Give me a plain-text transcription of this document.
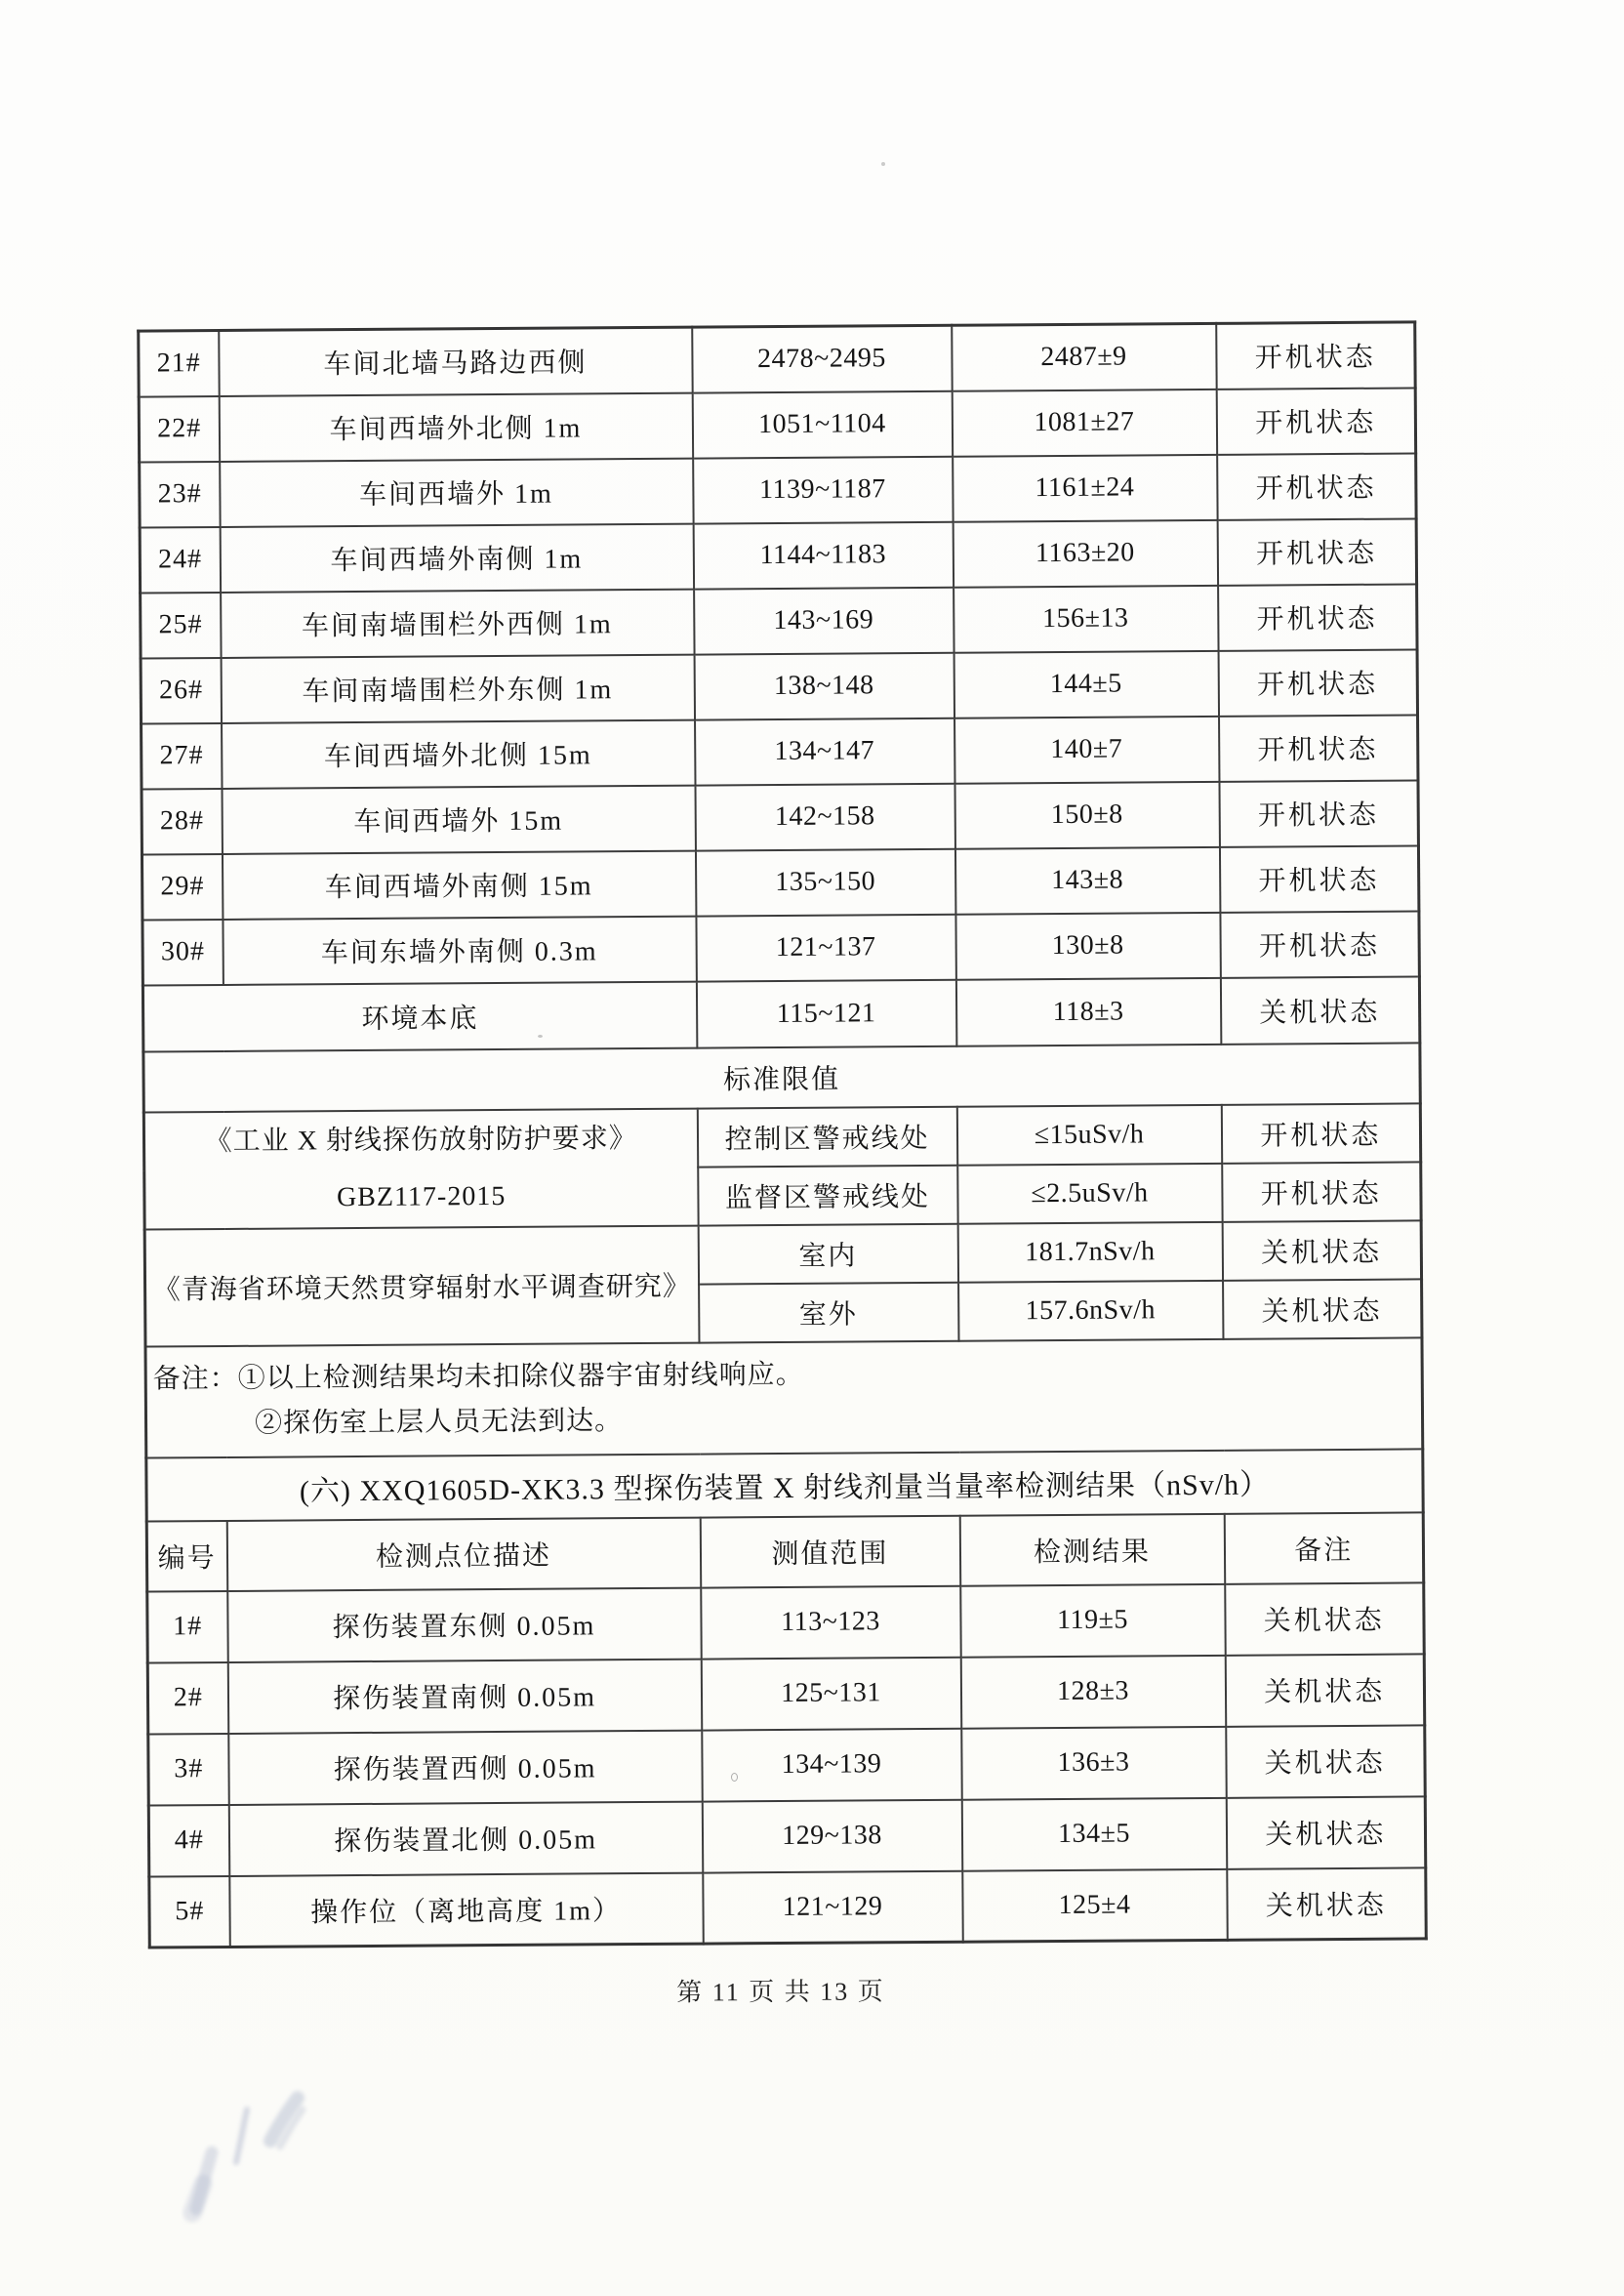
21#	车间北墙马路边西侧	2478~2495	2487±9	开机状态
22#	车间西墙外北侧 1m	1051~1104	1081±27	开机状态
23#	车间西墙外 1m	1139~1187	1161±24	开机状态
24#	车间西墙外南侧 1m	1144~1183	1163±20	开机状态
25#	车间南墙围栏外西侧 1m	143~169	156±13	开机状态
26#	车间南墙围栏外东侧 1m	138~148	144±5	开机状态
27#	车间西墙外北侧 15m	134~147	140±7	开机状态
28#	车间西墙外 15m	142~158	150±8	开机状态
29#	车间西墙外南侧 15m	135~150	143±8	开机状态
30#	车间东墙外南侧 0.3m	121~137	130±8	开机状态
环境本底		115~121	118±3	关机状态
标准限值				

《工业 X 射线探伤放射防护要求》
GBZ117-2015		控制区警戒线处	≤15uSv/h	开机状态
		监督区警戒线处	≤2.5uSv/h	开机状态
《青海省环境天然贯穿辐射水平调查研究》		室内	181.7nSv/h	关机状态
		室外	157.6nSv/h	关机状态

备注：①以上检测结果均未扣除仪器宇宙射线响应。
②探伤室上层人员无法到达。				

(六) XXQ1605D-XK3.3 型探伤装置 X 射线剂量当量率检测结果（nSv/h）				
编号	检测点位描述	测值范围	检测结果	备注
1#	探伤装置东侧 0.05m	113~123	119±5	关机状态
2#	探伤装置南侧 0.05m	125~131	128±3	关机状态
3#	探伤装置西侧 0.05m	134~139	136±3	关机状态
4#	探伤装置北侧 0.05m	129~138	134±5	关机状态
5#	操作位（离地高度 1m）	121~129	125±4	关机状态
第 11 页 共 13 页
